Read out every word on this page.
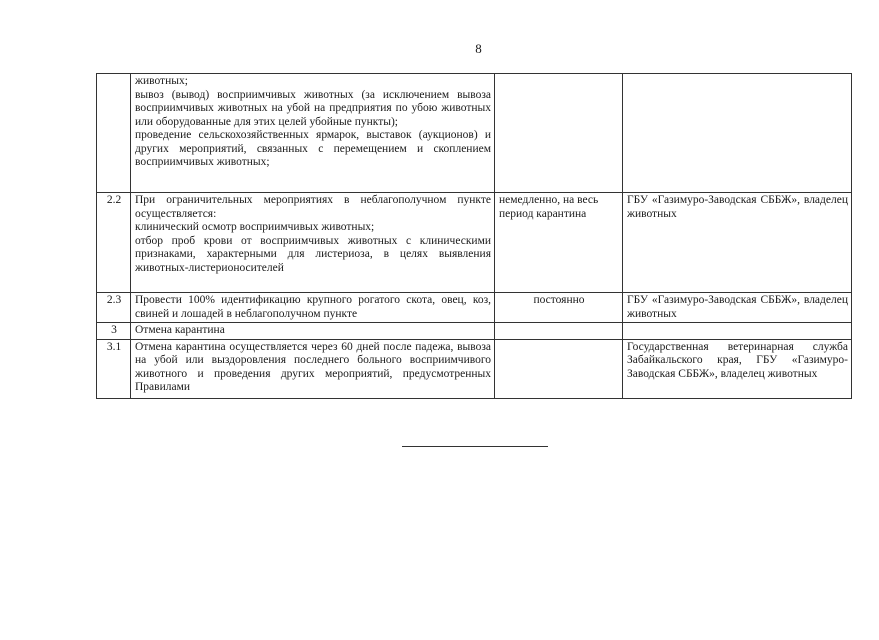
8

	животных;
вывоз (вывод) восприимчивых животных (за исключением вывоза восприимчивых животных на убой на предприятия по убою животных или оборудованные для этих целей убойные пункты);
проведение сельскохозяйственных ярмарок, выставок (аукционов) и других мероприятий, связанных с перемещением и скоплением восприимчивых животных;		

2.2	При ограничительных мероприятиях в неблагополучном пункте осуществляется:
клинический осмотр восприимчивых животных;
отбор проб крови от восприимчивых животных с клиническими признаками, характерными для листериоза, в целях выявления животных-листерионосителей	немедленно, на весь период карантина	ГБУ «Газимуро-Заводская СББЖ», владелец животных
2.3	Провести 100% идентификацию крупного рогатого скота, овец, коз, свиней и лошадей в неблагополучном пункте	постоянно	ГБУ «Газимуро-Заводская СББЖ», владелец животных
3	Отмена карантина		

3.1	Отмена карантина осуществляется через 60 дней после падежа, вывоза на убой или выздоровления последнего больного восприимчивого животного и проведения других мероприятий, предусмотренных Правилами		Государственная ветеринарная служба Забайкальского края, ГБУ «Газимуро-Заводская СББЖ», владелец животных
